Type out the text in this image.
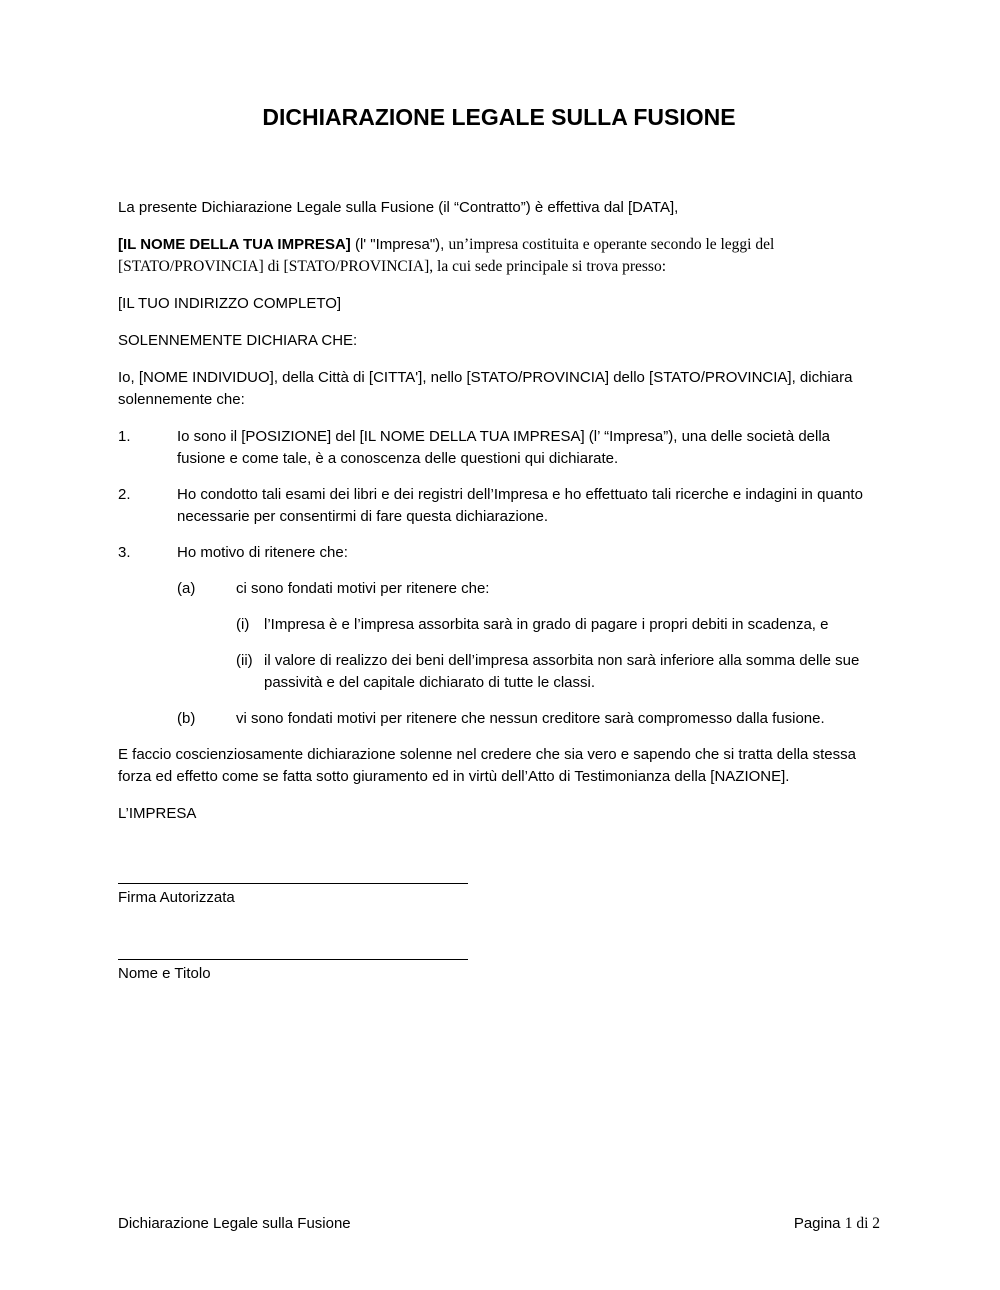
DICHIARAZIONE LEGALE SULLA FUSIONE

La presente Dichiarazione Legale sulla Fusione (il “Contratto”) è effettiva dal [DATA],

[IL NOME DELLA TUA IMPRESA] (l' "Impresa"), un’impresa costituita e operante secondo le leggi del [STATO/PROVINCIA] di [STATO/PROVINCIA], la cui sede principale si trova presso:

[IL TUO INDIRIZZO COMPLETO]

SOLENNEMENTE DICHIARA CHE:

Io, [NOME INDIVIDUO], della Città di [CITTA'], nello [STATO/PROVINCIA] dello [STATO/PROVINCIA], dichiara solennemente che:

1.	Io sono il [POSIZIONE] del [IL NOME DELLA TUA IMPRESA] (l’ “Impresa”), una delle società della fusione e come tale, è a conoscenza delle questioni qui dichiarate.
2.	Ho condotto tali esami dei libri e dei registri dell’Impresa e ho effettuato tali ricerche e indagini in quanto necessarie per consentirmi di fare questa dichiarazione.
3.	Ho motivo di ritenere che:
(a)	ci sono fondati motivi per ritenere che:
(i) l’Impresa è e l’impresa assorbita sarà in grado di pagare i propri debiti in scadenza, e
(ii) il valore di realizzo dei beni dell’impresa assorbita non sarà inferiore alla somma delle sue passività e del capitale dichiarato di tutte le classi.
(b)	vi sono fondati motivi per ritenere che nessun creditore sarà compromesso dalla fusione.

E faccio coscienziosamente dichiarazione solenne nel credere che sia vero e sapendo che si tratta della stessa forza ed effetto come se fatta sotto giuramento ed in virtù dell’Atto di Testimonianza della [NAZIONE].

L’IMPRESA

Firma Autorizzata
Nome e Titolo
Dichiarazione Legale sulla Fusione	Pagina 1 di 2
